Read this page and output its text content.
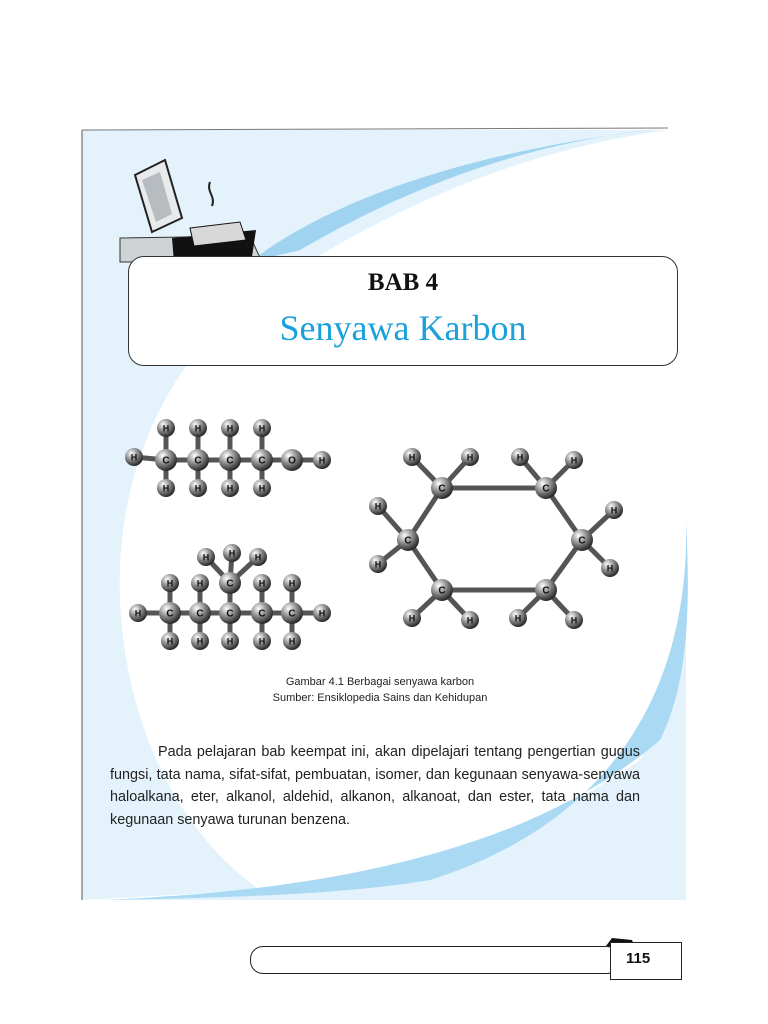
BAB 4
Senyawa Karbon
H	C
H
H
C
H
H
C
H
H
C
H
H
O	H
H	C
H
H
C
H
H
C
C
H
C
H
H
C
H
H
H
H H H
C	C
C
C
C
C
H	H	H	H
H
H
H	H
H	H
H
H
Gambar 4.1 Berbagai senyawa karbon
Sumber: Ensiklopedia Sains dan Kehidupan

Pada pelajaran bab keempat ini, akan dipelajari tentang pengertian gugus fungsi, tata nama, sifat-sifat, pembuatan, isomer, dan kegunaan senyawa-senyawa haloalkana, eter, alkanol, aldehid, alkanon, alkanoat, dan ester, tata nama dan kegunaan senyawa turunan benzena.

115
